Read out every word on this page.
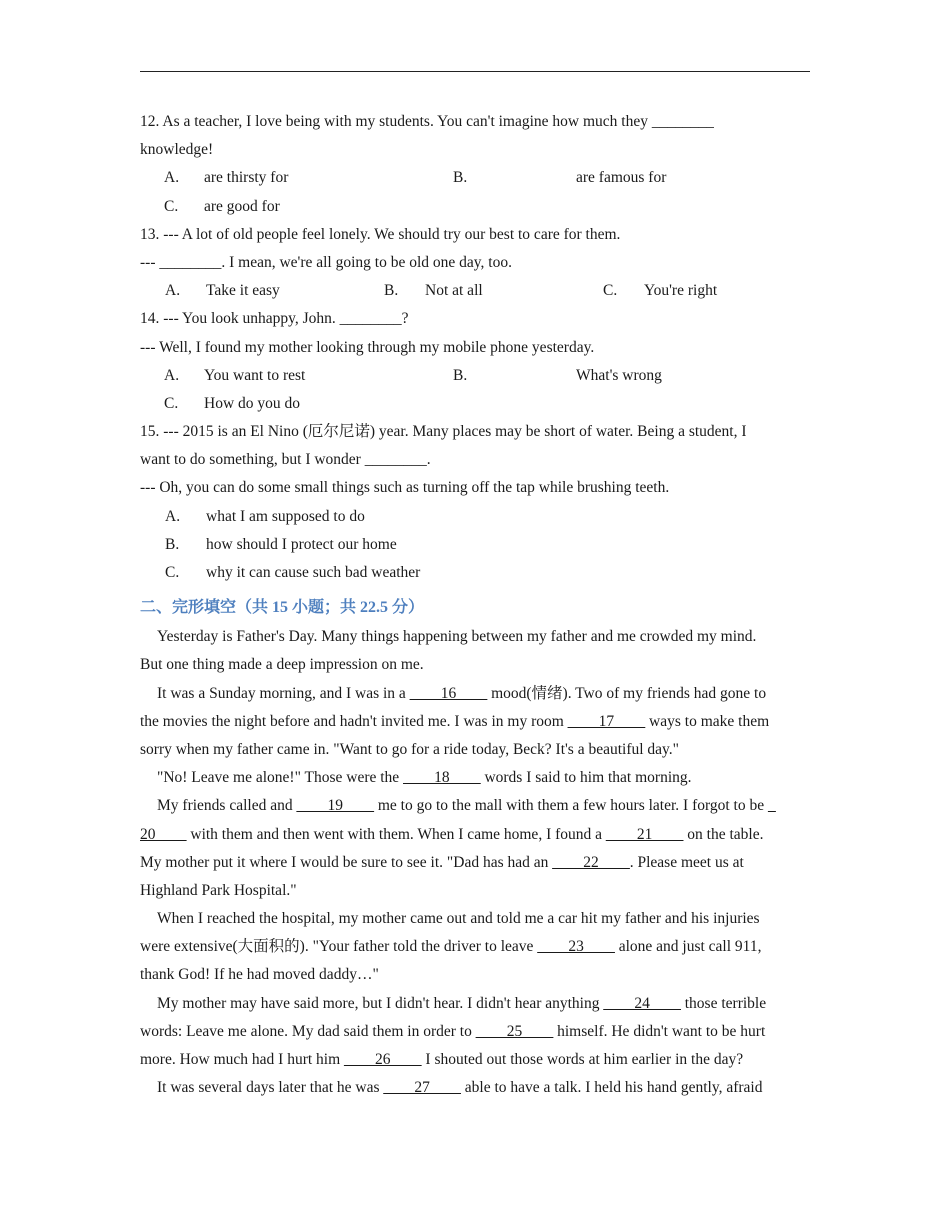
12. As a teacher, I love being with my students. You can't imagine how much they ________
knowledge!
A. are thirsty for	B.	are famous for
C. are good for
13. --- A lot of old people feel lonely. We should try our best to care for them.
--- ________. I mean, we're all going to be old one day, too.
A. Take it easy	B. Not at all	C. You're right
14. --- You look unhappy, John. ________?
--- Well, I found my mother looking through my mobile phone yesterday.
A. You want to rest	B.	What's wrong
C. How do you do
15. --- 2015 is an El Nino (厄尔尼诺) year. Many places may be short of water. Being a student, I
want to do something, but I wonder ________.
--- Oh, you can do some small things such as turning off the tap while brushing teeth.
A. what I am supposed to do
B. how should I protect our home
C. why it can cause such bad weather
二、完形填空（共 15 小题；共 22.5 分）
Yesterday is Father's Day. Many things happening between my father and me crowded my mind.
But one thing made a deep impression on me.
It was a Sunday morning, and I was in a ____16____ mood(情绪). Two of my friends had gone to
the movies the night before and hadn't invited me. I was in my room ____17____ ways to make them
sorry when my father came in. "Want to go for a ride today, Beck? It's a beautiful day."
"No! Leave me alone!" Those were the ____18____ words I said to him that morning.
My friends called and ____19____ me to go to the mall with them a few hours later. I forgot to be _
20____ with them and then went with them. When I came home, I found a ____21____ on the table.
My mother put it where I would be sure to see it. "Dad has had an ____22____. Please meet us at
Highland Park Hospital."
When I reached the hospital, my mother came out and told me a car hit my father and his injuries
were extensive(大面积的). "Your father told the driver to leave ____23____ alone and just call 911,
thank God! If he had moved daddy…"
My mother may have said more, but I didn't hear. I didn't hear anything ____24____ those terrible
words: Leave me alone. My dad said them in order to ____25____ himself. He didn't want to be hurt
more. How much had I hurt him ____26____ I shouted out those words at him earlier in the day?
It was several days later that he was ____27____ able to have a talk. I held his hand gently, afraid
